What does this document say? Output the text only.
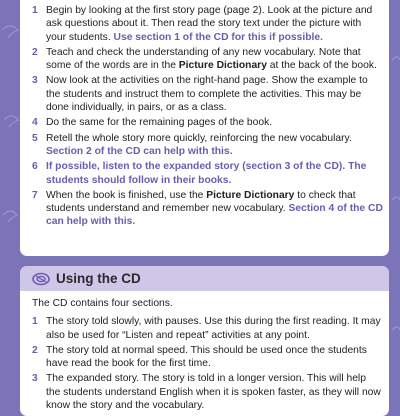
1 Begin by looking at the first story page (page 2). Look at the picture and ask questions about it. Then read the story text under the picture with your students. Use section 1 of the CD for this if possible.
2 Teach and check the understanding of any new vocabulary. Note that some of the words are in the Picture Dictionary at the back of the book.
3 Now look at the activities on the right-hand page. Show the example to the students and instruct them to complete the activities. This may be done individually, in pairs, or as a class.
4 Do the same for the remaining pages of the book.
5 Retell the whole story more quickly, reinforcing the new vocabulary. Section 2 of the CD can help with this.
6 If possible, listen to the expanded story (section 3 of the CD). The students should follow in their books.
7 When the book is finished, use the Picture Dictionary to check that students understand and remember new vocabulary. Section 4 of the CD can help with this.
Using the CD

The CD contains four sections.

1 The story told slowly, with pauses. Use this during the first reading. It may also be used for “Listen and repeat” activities at any point.
2 The story told at normal speed. This should be used once the students have read the book for the first time.
3 The expanded story. The story is told in a longer version. This will help the students understand English when it is spoken faster, as they will now know the story and the vocabulary.
